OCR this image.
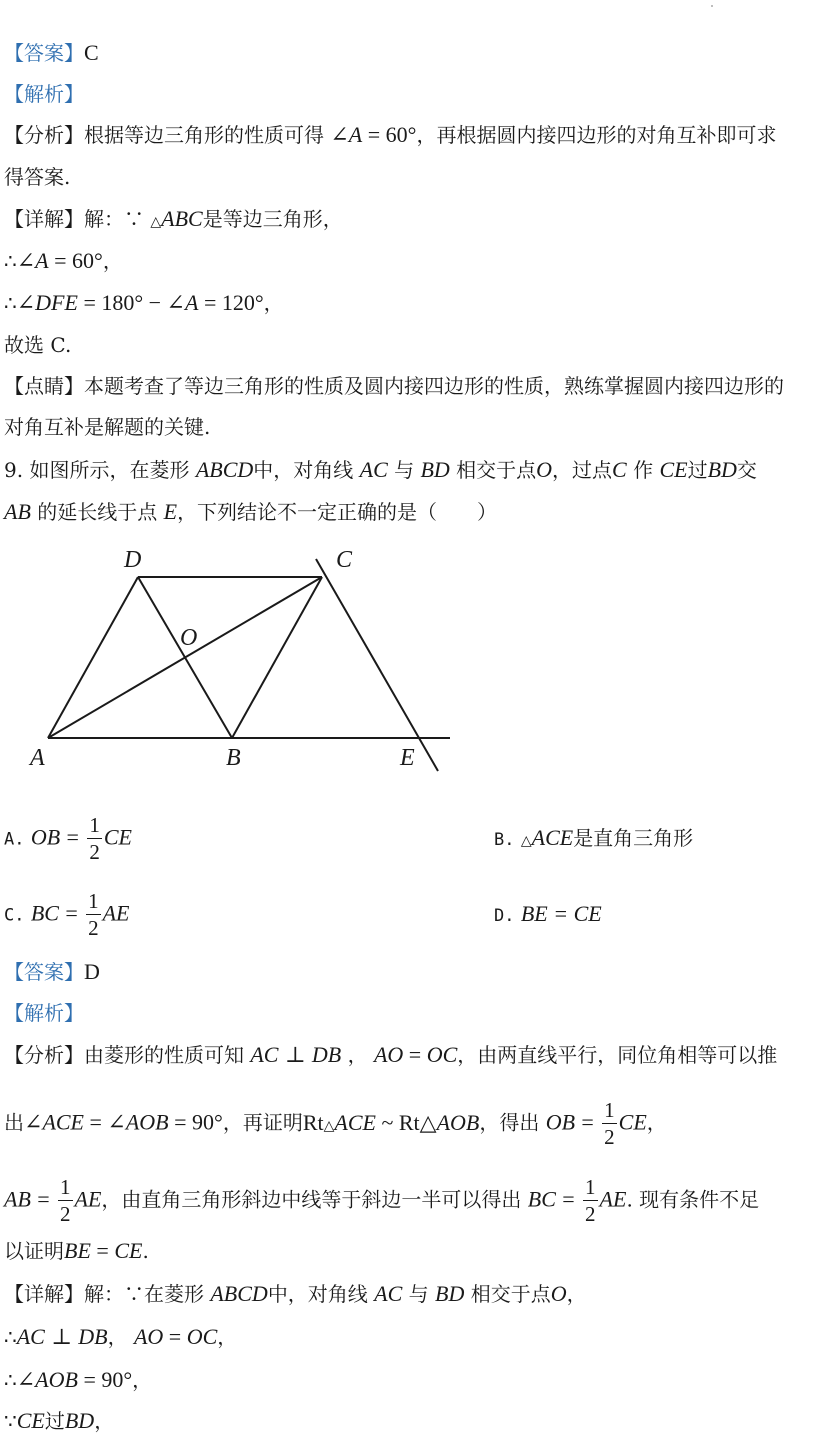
【答案】C
【解析】
【分析】根据等边三角形的性质可得 ∠A = 60°，再根据圆内接四边形的对角互补即可求
得答案.
【详解】解：∵ △ABC是等边三角形，
∴∠A = 60°，
∴∠DFE = 180° − ∠A = 120°，
故选 C.
【点睛】本题考查了等边三角形的性质及圆内接四边形的性质，熟练掌握圆内接四边形的
对角互补是解题的关键.
9. 如图所示，在菱形 ABCD中，对角线 AC 与 BD 相交于点O，过点C 作 CE过BD交
AB 的延长线于点 E，下列结论不一定正确的是（　　）
D	C
O
A	B	E
A. OB = $\frac{1}{2}$ CE	B. △ACE是直角三角形
C. BC = $\frac{1}{2}$ AE	D. BE = CE
【答案】D
【解析】
【分析】由菱形的性质可知 AC ⊥ DB ， AO = OC，由两直线平行，同位角相等可以推
出∠ACE = ∠AOB = 90°，再证明Rt△ACE ~ Rt△AOB，得出 OB = $\frac{1}{2}$ CE，
AB = $\frac{1}{2}$ AE，由直角三角形斜边中线等于斜边一半可以得出 BC = $\frac{1}{2}$ AE. 现有条件不足
以证明BE = CE.
【详解】解：∵在菱形 ABCD中，对角线 AC 与 BD 相交于点O，
∴AC ⊥ DB， AO = OC，
∴∠AOB = 90°，
∵CE过BD，
